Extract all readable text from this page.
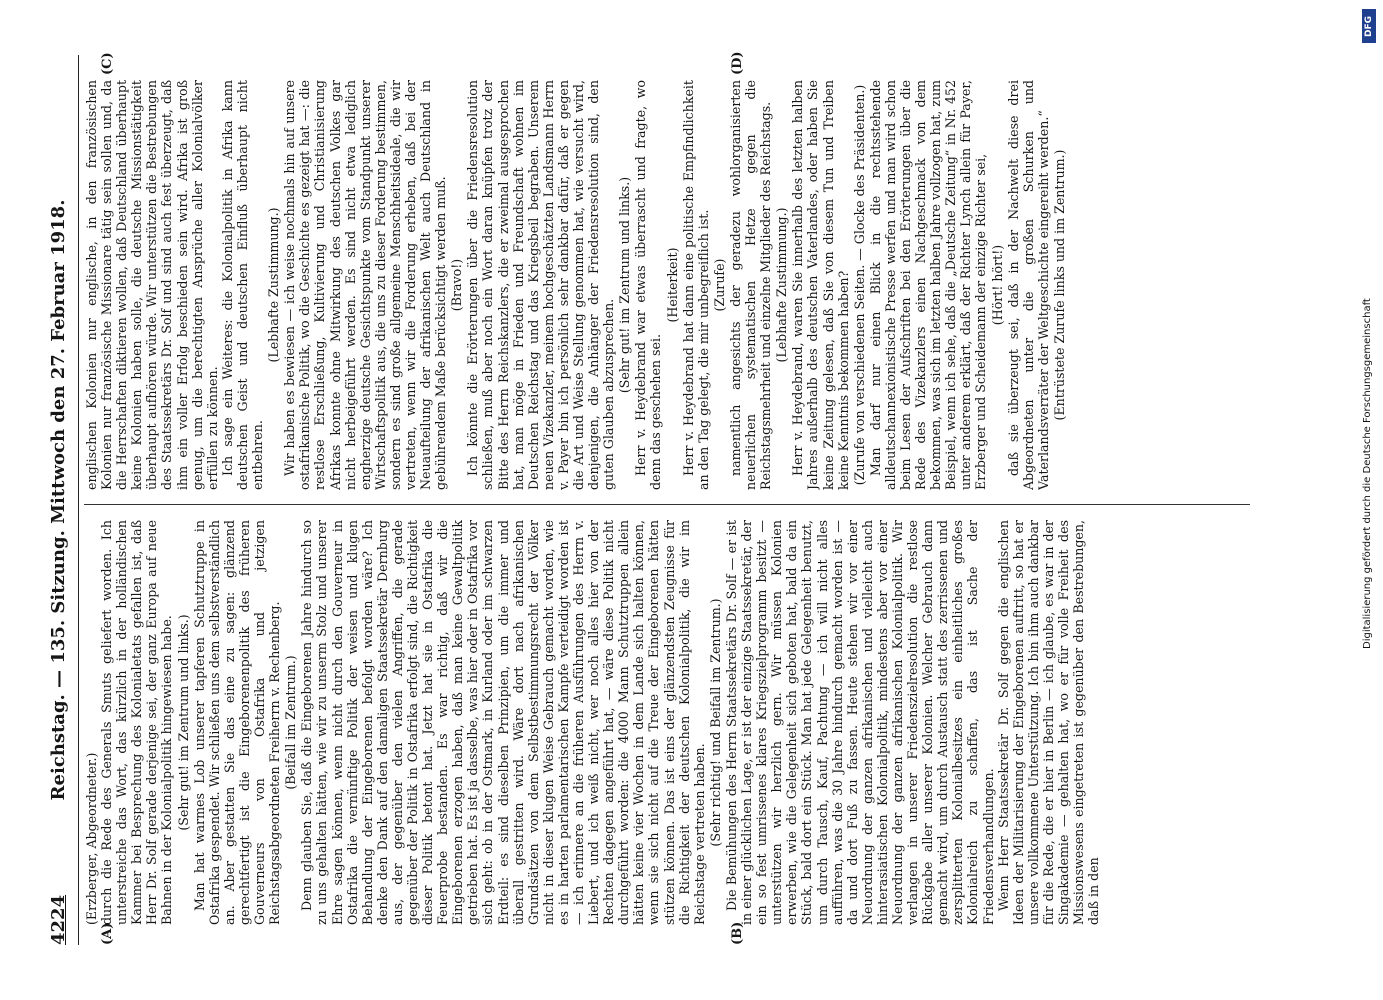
4224
Reichstag. — 135. Sitzung. Mittwoch den 27. Februar 1918.
(A)	(B)
(C)	(D)
(Erzberger, Abgeordneter.) durch die Rede des Generals Smuts geliefert worden. Ich unterstreiche das Wort, das kürzlich in der holländischen Kammer bei Besprechung des Kolonialetats gefallen ist, daß Herr Dr. Solf gerade derjenige sei, der ganz Europa auf neue Bahnen in der Kolonialpolitik hingewiesen habe. (Sehr gut! im Zentrum und links.) Man hat warmes Lob unserer tapferen Schutztruppe in Ostafrika gespendet. Wir schließen uns dem selbstverständlich an. Aber gestatten Sie das eine zu sagen: glänzend gerechtfertigt ist die Eingeborenenpolitik des früheren Gouverneurs von Ostafrika und jetzigen Reichstagsabgeordneten Freiherrn v. Rechenberg. (Beifall im Zentrum.) Denn glauben Sie, daß die Eingeborenen Jahre hindurch so zu uns gehalten hätten, wie wir zu unserm Stolz und unserer Ehre sagen können, wenn nicht durch den Gouverneur in Ostafrika die vernünftige Politik der weisen und klugen Behandlung der Eingeborenen befolgt worden wäre? Ich denke den Dank auf den damaligen Staatssekretär Dernburg aus, der gegenüber den vielen Angriffen, die gerade gegenüber der Politik in Ostafrika erfolgt sind, die Richtigkeit dieser Politik betont hat. Jetzt hat sie in Ostafrika die Feuerprobe bestanden. Es war richtig, daß wir die Eingeborenen erzogen haben, daß man keine Gewaltpolitik getrieben hat. Es ist ja dasselbe, was hier oder in Ostafrika vor sich geht: ob in der Ostmark, in Kurland oder im schwarzen Erdteil: es sind dieselben Prinzipien, um die immer und überall gestritten wird. Wäre dort nach afrikanischen Grundsätzen von dem Selbstbestimmungsrecht der Völker nicht in dieser klugen Weise Gebrauch gemacht worden, wie es in harten parlamentarischen Kampfe verteidigt worden ist — ich erinnere an die früheren Ausführungen des Herrn v. Liebert, und ich weiß nicht, wer noch alles hier von der Rechten dagegen angeführt hat, — wäre diese Politik nicht durchgeführt worden: die 4000 Mann Schutztruppen allein hätten keine vier Wochen in dem Lande sich halten können, wenn sie sich nicht auf die Treue der Eingeborenen hätten stützen können. Das ist eins der glänzendsten Zeugnisse für die Richtigkeit der deutschen Kolonialpolitik, die wir im Reichstage vertreten haben. (Sehr richtig! und Beifall im Zentrum.) Die Bemühungen des Herrn Staatssekretärs Dr. Solf — er ist in einer glücklichen Lage, er ist der einzige Staatssekretär, der ein so fest umrissenes klares Kriegszielprogramm besitzt — unterstützen wir herzlich gern. Wir müssen Kolonien erwerben, wie die Gelegenheit sich geboten hat, bald da ein Stück, bald dort ein Stück. Man hat jede Gelegenheit benutzt, um durch Tausch, Kauf, Pachtung — ich will nicht alles aufführen, was die 30 Jahre hindurch gemacht worden ist — da und dort Fuß zu fassen. Heute stehen wir vor einer Neuordnung der ganzen afrikanischen und vielleicht auch hinterasiatischen Kolonialpolitik, mindestens aber vor einer Neuordnung der ganzen afrikanischen Kolonialpolitik. Wir verlangen in unserer Friedenszielresolution die restlose Rückgabe aller unserer Kolonien. Welcher Gebrauch dann gemacht wird, um durch Austausch statt des zerrissenen und zersplitterten Kolonialbesitzes ein einheitliches großes Kolonialreich zu schaffen, das ist Sache der Friedensverhandlungen. Wenn Herr Staatssekretär Dr. Solf gegen die englischen Ideen der Militarisierung der Eingeborenen auftritt, so hat er unsere vollkommene Unterstützung. Ich bin ihm auch dankbar für die Rede, die er hier in Berlin — ich glaube, es war in der Singakademie — gehalten hat, wo er für volle Freiheit des Missionswesens eingetreten ist gegenüber den Bestrebungen, daß in den

englischen Kolonien nur englische, in den französischen Kolonien nur französische Missionare tätig sein sollen und, da die Herrschaften diktieren wollen, daß Deutschland überhaupt keine Kolonien haben solle, die deutsche Missionstätigkeit überhaupt aufhören würde. Wir unterstützen die Bestrebungen des Staatssekretärs Dr. Solf und sind auch fest überzeugt, daß ihm ein voller Erfolg beschieden sein wird. Afrika ist groß genug, um die berechtigten Ansprüche aller Kolonialvölker erfüllen zu können. Ich sage ein Weiteres: die Kolonialpolitik in Afrika kann deutschen Geist und deutschen Einfluß überhaupt nicht entbehren.

(Lebhafte Zustimmung.) Wir haben es bewiesen — ich weise nochmals hin auf unsere ostafrikanische Politik, wo die Geschichte es gezeigt hat —: die restlose Erschließung, Kultivierung und Christianisierung Afrikas konnte ohne Mitwirkung des deutschen Volkes gar nicht herbeigeführt werden. Es sind nicht etwa lediglich engherzige deutsche Gesichtspunkte vom Standpunkt unserer Wirtschaftspolitik aus, die uns zu dieser Forderung bestimmen, sondern es sind große allgemeine Menschheitsideale, die wir vertreten, wenn wir die Forderung erheben, daß bei der Neuaufteilung der afrikanischen Welt auch Deutschland in gebührendem Maße berücksichtigt werden muß. (Bravo!) Ich könnte die Erörterungen über die Friedensresolution schließen, muß aber noch ein Wort daran knüpfen trotz der Bitte des Herrn Reichskanzlers, die er zweimal ausgesprochen hat, man möge in Frieden und Freundschaft wohnen im Deutschen Reichstag und das Kriegsbeil begraben. Unserem neuen Vizekanzler, meinem hochgeschätzten Landsmann Herrn v. Payer bin ich persönlich sehr dankbar dafür, daß er gegen die Art und Weise Stellung genommen hat, wie versucht wird, denjenigen, die Anhänger der Friedensresolution sind, den guten Glauben abzusprechen.

(Sehr gut! im Zentrum und links.) Herr v. Heydebrand war etwas überrascht und fragte, wo denn das geschehen sei.

(Heiterkeit) Herr v. Heydebrand hat dann eine politische Empfindlichkeit an den Tag gelegt, die mir unbegreiflich ist. (Zurufe) namentlich angesichts der geradezu wohlorganisierten neuerlichen systematischen Hetze gegen die Reichstagsmehrheit und einzelne Mitglieder des Reichstags. (Lebhafte Zustimmung.) Herr v. Heydebrand, waren Sie innerhalb des letzten halben Jahres außerhalb des deutschen Vaterlandes, oder haben Sie keine Zeitung gelesen, daß Sie von diesem Tun und Treiben keine Kenntnis bekommen haben? (Zurufe von verschiedenen Seiten. — Glocke des Präsidenten.) Man darf nur einen Blick in die rechtsstehende alldeutschannexionistische Presse werfen und man wird schon beim Lesen der Aufschriften bei den Erörterungen über die Rede des Vizekanzlers einen Nachgeschmack von dem bekommen, was sich im letzten halben Jahre vollzogen hat, zum Beispiel, wenn ich sehe, daß die „Deutsche Zeitung“ in Nr. 452 unter anderem erklärt, daß der Richter Lynch allein für Payer, Erzberger und Scheidemann der einzige Richter sei, (Hört! hört!) daß sie überzeugt sei, daß in der Nachwelt diese drei Abgeordneten unter die großen Schurken und Vaterlandsverräter der Weltgeschichte eingereiht werden.“ (Entrüstete Zurufe links und im Zentrum.)
DFG
Digitalisierung gefördert durch die Deutsche Forschungsgemeinschaft
